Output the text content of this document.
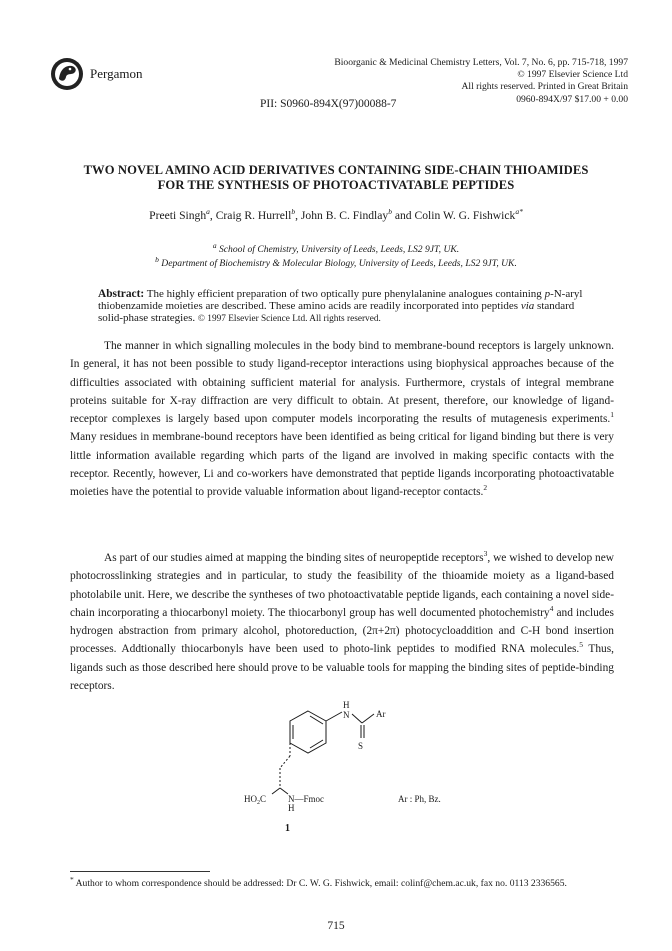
Pergamon
Bioorganic & Medicinal Chemistry Letters, Vol. 7, No. 6, pp. 715-718, 1997
© 1997 Elsevier Science Ltd
All rights reserved. Printed in Great Britain
0960-894X/97 $17.00 + 0.00
PII: S0960-894X(97)00088-7
TWO NOVEL AMINO ACID DERIVATIVES CONTAINING SIDE-CHAIN THIOAMIDES
FOR THE SYNTHESIS OF PHOTOACTIVATABLE PEPTIDES
Preeti Singh$^a$, Craig R. Hurrell$^b$, John B. C. Findlay$^b$ and Colin W. G. Fishwick$^{a*}$
$^a$ School of Chemistry, University of Leeds, Leeds, LS2 9JT, UK.
$^b$ Department of Biochemistry & Molecular Biology, University of Leeds, Leeds, LS2 9JT, UK.
Abstract: The highly efficient preparation of two optically pure phenylalanine analogues containing p-N-aryl thiobenzamide moieties are described. These amino acids are readily incorporated into peptides via standard solid-phase strategies. © 1997 Elsevier Science Ltd. All rights reserved.

The manner in which signalling molecules in the body bind to membrane-bound receptors is largely unknown. In general, it has not been possible to study ligand-receptor interactions using biophysical approaches because of the difficulties associated with obtaining sufficient material for analysis. Furthermore, crystals of integral membrane proteins suitable for X-ray diffraction are very difficult to obtain. At present, therefore, our knowledge of ligand-receptor complexes is largely based upon computer models incorporating the results of mutagenesis experiments.$^1$ Many residues in membrane-bound receptors have been identified as being critical for ligand binding but there is very little information available regarding which parts of the ligand are involved in making specific contacts with the receptor. Recently, however, Li and co-workers have demonstrated that peptide ligands incorporating photoactivatable moieties have the potential to provide valuable information about ligand-receptor contacts.$^2$

As part of our studies aimed at mapping the binding sites of neuropeptide receptors$^3$, we wished to develop new photocrosslinking strategies and in particular, to study the feasibility of the thioamide moiety as a ligand-based photolabile unit. Here, we describe the syntheses of two photoactivatable peptide ligands, each containing a novel side-chain incorporating a thiocarbonyl moiety. The thiocarbonyl group has well documented photochemistry$^4$ and includes hydrogen abstraction from primary alcohol, photoreduction, (2π+2π) photocycloaddition and C-H bond insertion processes. Addtionally thiocarbonyls have been used to photo-link peptides to modified RNA molecules.$^5$ Thus, ligands such as those described here should prove to be valuable tools for mapping the binding sites of peptide-binding receptors.

H
N	Ar
S
$HO_2C$ N—Fmoc
H
Ar : Ph, Bz.
1
* Author to whom correspondence should be addressed: Dr C. W. G. Fishwick, email: colinf@chem.ac.uk, fax no. 0113 2336565.
715
